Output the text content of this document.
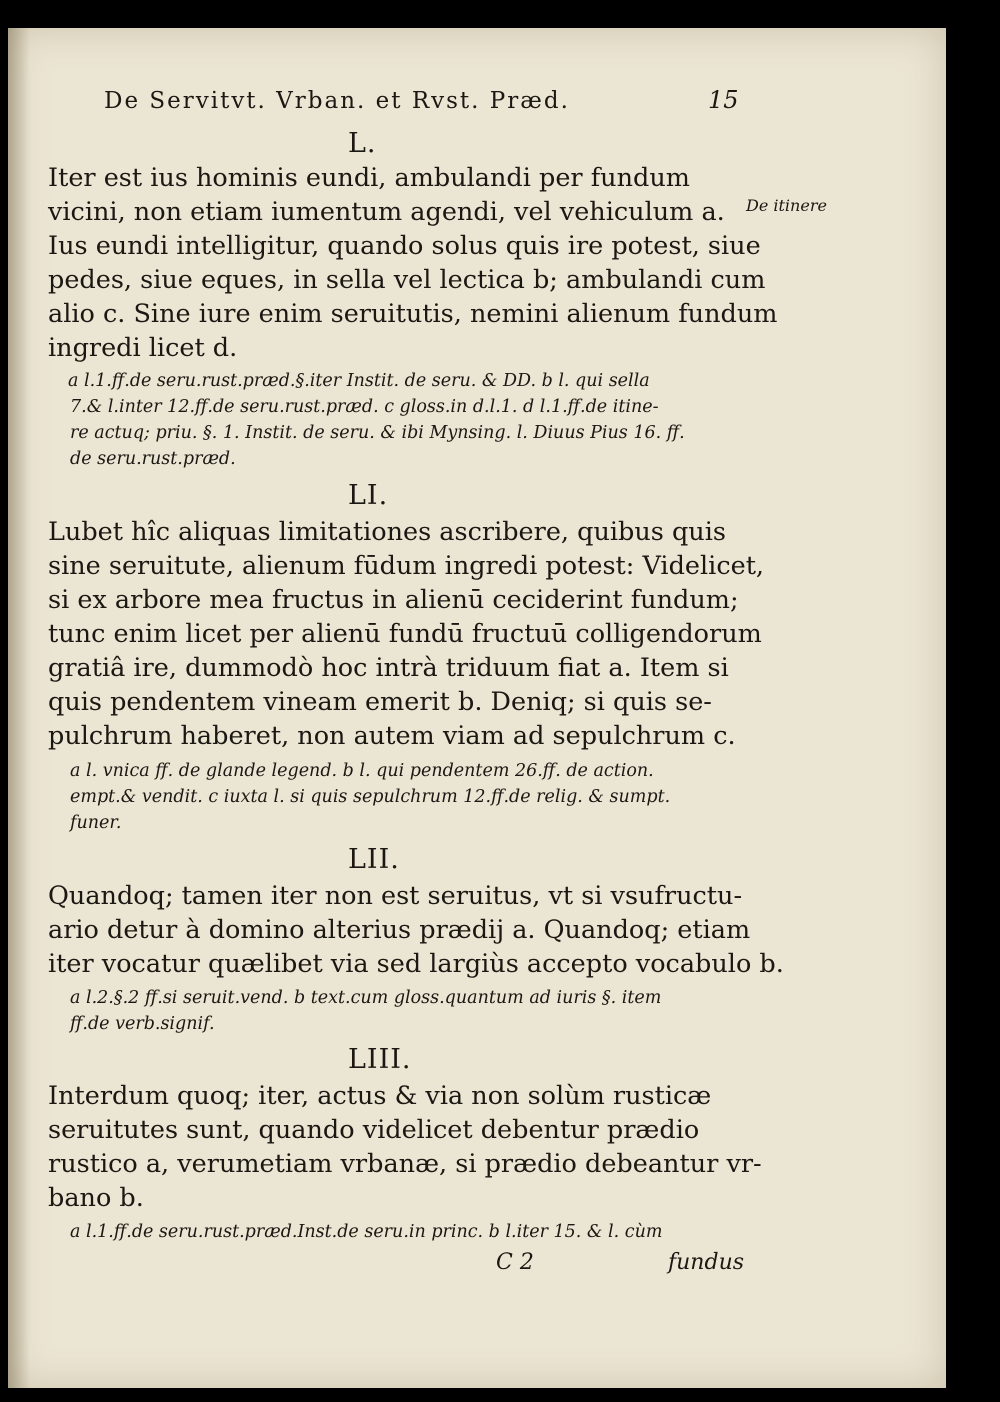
De Servitvt. Vrban. et Rvst. Præd.	15
De itinere
L.
Iter est ius hominis eundi, ambulandi per fundum
vicini, non etiam iumentum agendi, vel vehiculum a.
Ius eundi intelligitur, quando solus quis ire potest, siue
pedes, siue eques, in sella vel lectica b; ambulandi cum
alio c. Sine iure enim seruitutis, nemini alienum fundum
ingredi licet d.
a l.1.ff.de seru.rust.præd.§.iter Instit. de seru. & DD. b l. qui sella
7.& l.inter 12.ff.de seru.rust.præd. c gloss.in d.l.1. d l.1.ff.de itine-
re actuq; priu. §. 1. Instit. de seru. & ibi Mynsing. l. Diuus Pius 16. ff.
de seru.rust.præd.
LI.
Lubet hîc aliquas limitationes ascribere, quibus quis
sine seruitute, alienum fūdum ingredi potest: Videlicet,
si ex arbore mea fructus in alienū ceciderint fundum;
tunc enim licet per alienū fundū fructuū colligendorum
gratiâ ire, dummodò hoc intrà triduum fiat a. Item si
quis pendentem vineam emerit b. Deniq; si quis se-
pulchrum haberet, non autem viam ad sepulchrum c.
a l. vnica ff. de glande legend. b l. qui pendentem 26.ff. de action.
empt.& vendit. c iuxta l. si quis sepulchrum 12.ff.de relig. & sumpt.
funer.
LII.
Quandoq; tamen iter non est seruitus, vt si vsufructu-
ario detur à domino alterius prædij a. Quandoq; etiam
iter vocatur quælibet via sed largiùs accepto vocabulo b.
a l.2.§.2 ff.si seruit.vend. b text.cum gloss.quantum ad iuris §. item
ff.de verb.signif.
LIII.
Interdum quoq; iter, actus & via non solùm rusticæ
seruitutes sunt, quando videlicet debentur prædio
rustico a, verumetiam vrbanæ, si prædio debeantur vr-
bano b.
a l.1.ff.de seru.rust.præd.Inst.de seru.in princ. b l.iter 15. & l. cùm
C 2	fundus
